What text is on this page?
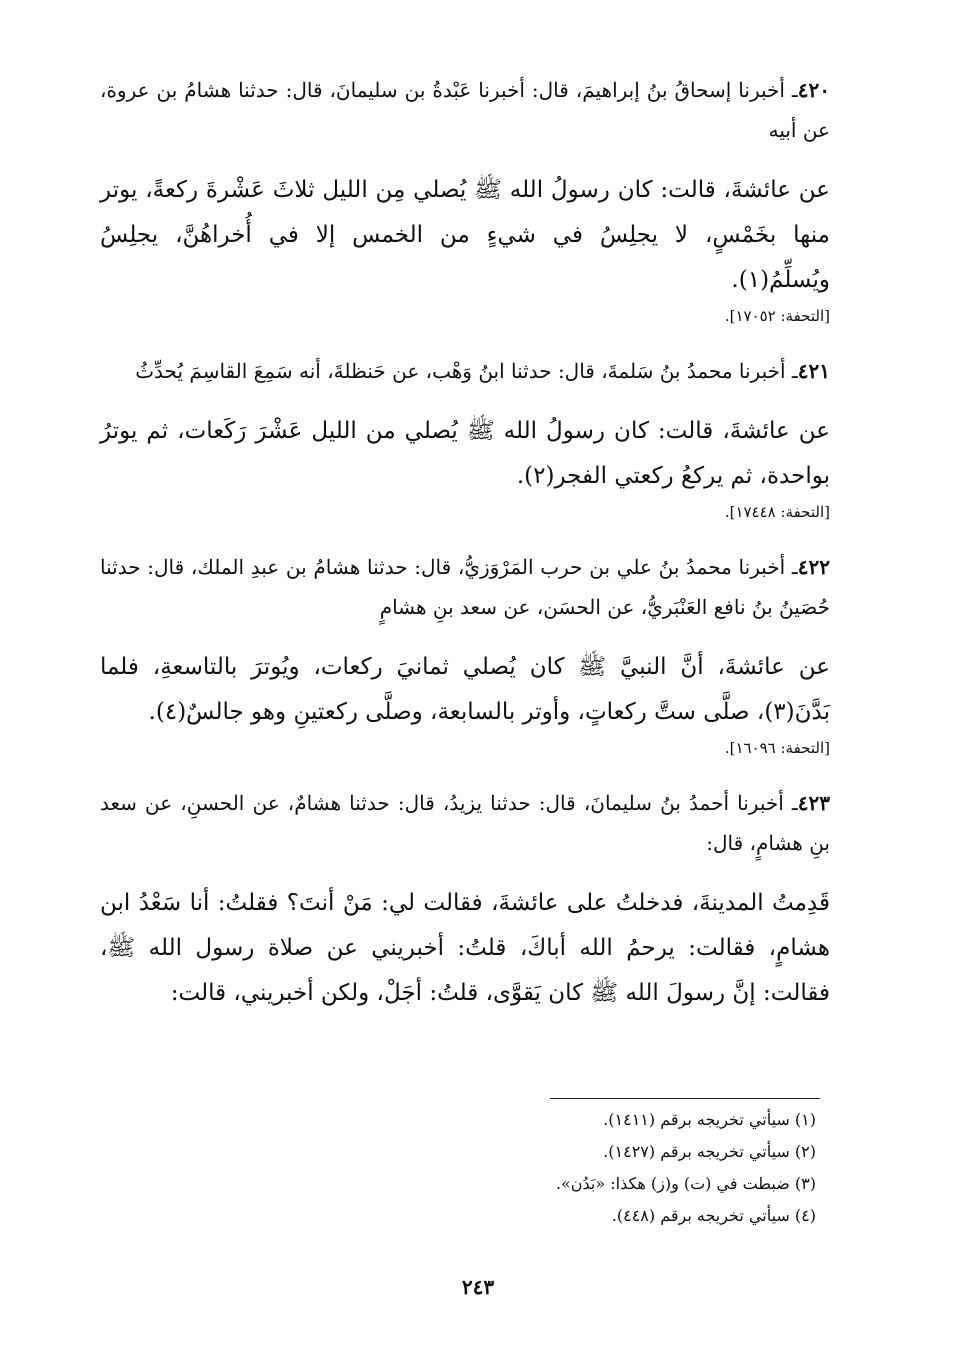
٤٢٠ـ أخبرنا إسحاقُ بنُ إبراهيمَ، قال: أخبرنا عَبْدةُ بن سليمانَ، قال: حدثنا هشامُ بن عروة، عن أبيه

عن عائشةَ، قالت: كان رسولُ الله ﷺ يُصلي مِن الليل ثلاثَ عَشْرةَ ركعةً، يوتر منها بخَمْسٍ، لا يجلِسُ في شيءٍ من الخمس إلا في أُخراهُنَّ، يجلِسُ ويُسلِّمُ(١).

[التحفة: ١٧٠٥٢].

٤٢١ـ أخبرنا محمدُ بنُ سَلمةَ، قال: حدثنا ابنُ وَهْب، عن حَنظلةَ، أنه سَمِعَ القاسِمَ يُحدِّثُ

عن عائشةَ، قالت: كان رسولُ الله ﷺ يُصلي من الليل عَشْرَ رَكَعات، ثم يوترُ بواحدة، ثم يركعُ ركعتي الفجر(٢).

[التحفة: ١٧٤٤٨].

٤٢٢ـ أخبرنا محمدُ بنُ علي بن حرب المَرْوَزيُّ، قال: حدثنا هشامُ بن عبدِ الملك، قال: حدثنا حُصَينُ بنُ نافع العَنْبَريُّ، عن الحسَن، عن سعد بنِ هشامٍ

عن عائشةَ، أنَّ النبيَّ ﷺ كان يُصلي ثمانيَ ركعات، ويُوترَ بالتاسعةِ، فلما بَدَّنَ(٣)، صلَّى ستَّ ركعاتٍ، وأوتر بالسابعة، وصلَّى ركعتينِ وهو جالسٌ(٤).

[التحفة: ١٦٠٩٦].

٤٢٣ـ أخبرنا أحمدُ بنُ سليمانَ، قال: حدثنا يزيدُ، قال: حدثنا هشامٌ، عن الحسنِ، عن سعد بنِ هشامٍ، قال:

قَدِمتُ المدينةَ، فدخلتُ على عائشةَ، فقالت لي: مَنْ أنتَ؟ فقلتُ: أنا سَعْدُ ابن هشامٍ، فقالت: يرحمُ الله أباكَ، قلتُ: أخبريني عن صلاة رسول الله ﷺ، فقالت: إنَّ رسولَ الله ﷺ كان يَقوَّى، قلتُ: أجَلْ، ولكن أخبريني، قالت:

(١) سيأتي تخريجه برقم (١٤١١).
(٢) سيأتي تخريجه برقم (١٤٢٧).
(٣) ضبطت في (ت) و(ز) هكذا: «بَدُن».
(٤) سيأتي تخريجه برقم (٤٤٨).
٢٤٣
